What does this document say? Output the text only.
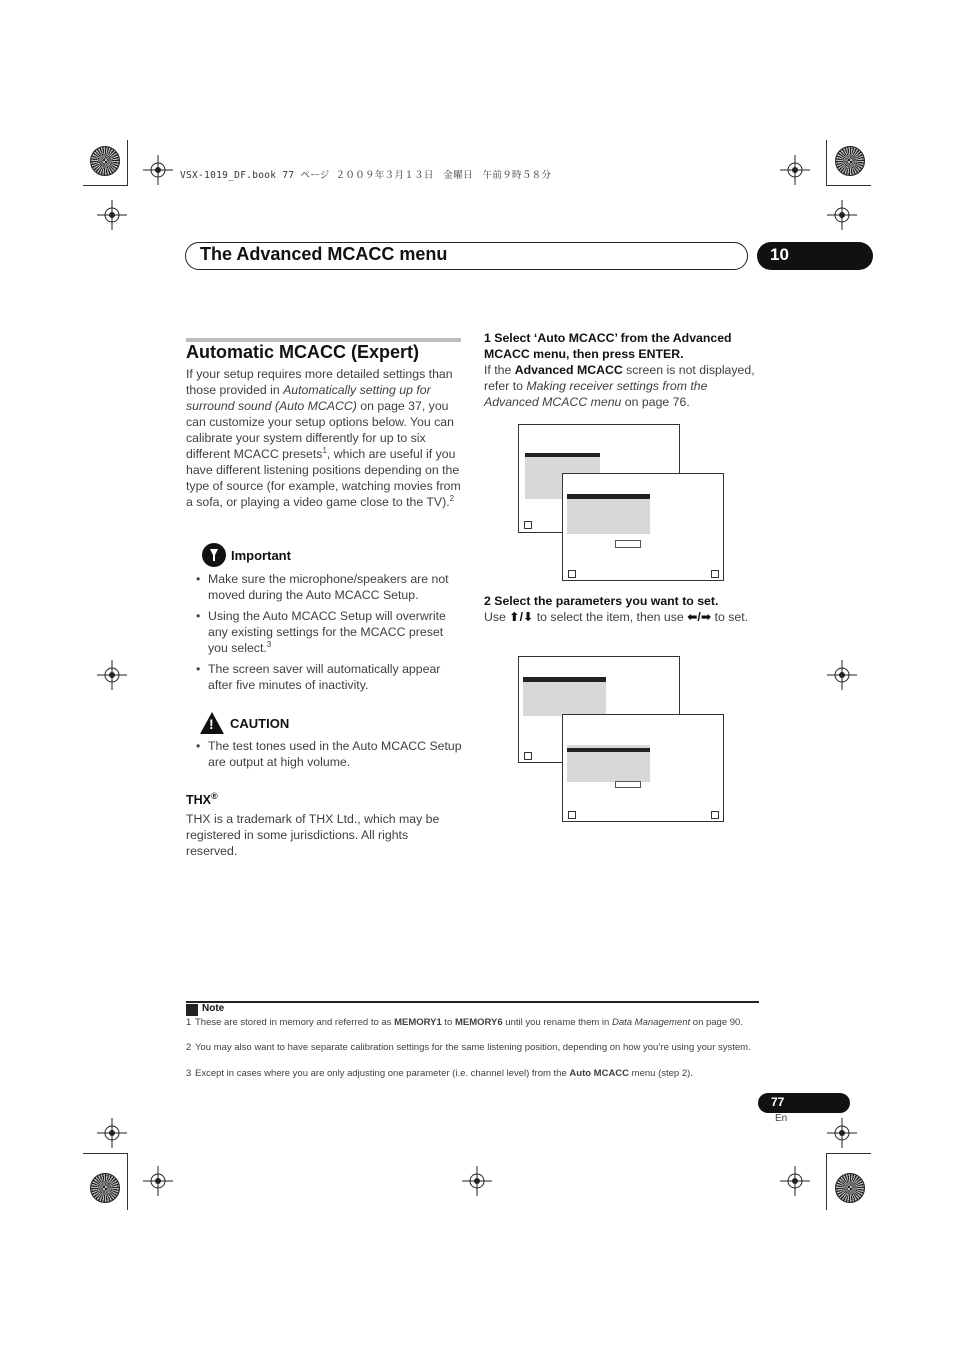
VSX-1019_DF.book 77 ページ ２００９年３月１３日　金曜日　午前９時５８分
The Advanced MCACC menu	10
Automatic MCACC (Expert)
If your setup requires more detailed settings than those provided in Automatically setting up for surround sound (Auto MCACC) on page 37, you can customize your setup options below. You can calibrate your system differently for up to six different MCACC presets$^1$, which are useful if you have different listening positions depending on the type of source (for example, watching movies from a sofa, or playing a video game close to the TV).$^2$
Important
• Make sure the microphone/speakers are not moved during the Auto MCACC Setup.
• Using the Auto MCACC Setup will overwrite any existing settings for the MCACC preset you select.$^3$
• The screen saver will automatically appear after five minutes of inactivity.
! CAUTION
• The test tones used in the Auto MCACC Setup are output at high volume.
THX®
THX is a trademark of THX Ltd., which may be registered in some jurisdictions. All rights reserved.
1 Select ‘Auto MCACC’ from the Advanced MCACC menu, then press ENTER.
If the Advanced MCACC screen is not displayed, refer to Making receiver settings from the Advanced MCACC menu on page 76.
2 Select the parameters you want to set.
Use ⬆/⬇ to select the item, then use ⬅/➡ to set.
Note
1 These are stored in memory and referred to as MEMORY1 to MEMORY6 until you rename them in Data Management on page 90.
2 You may also want to have separate calibration settings for the same listening position, depending on how you’re using your system.
3 Except in cases where you are only adjusting one parameter (i.e. channel level) from the Auto MCACC menu (step 2).
77
En
